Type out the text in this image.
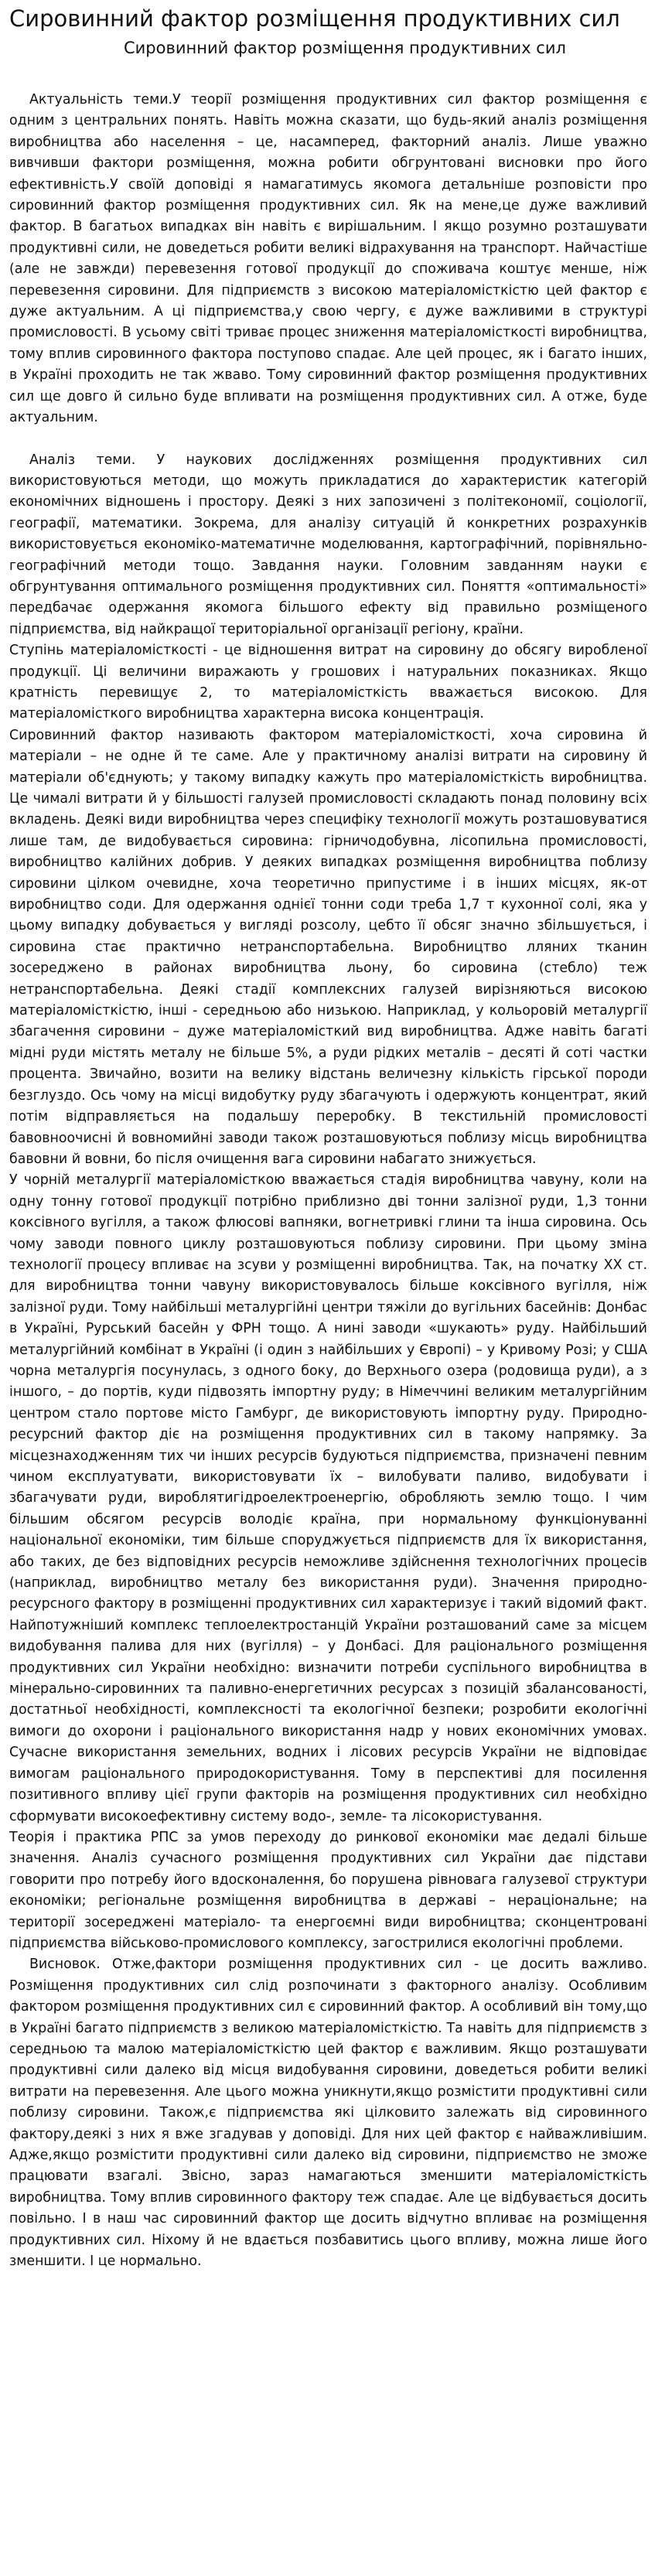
Сировинний фактор розміщення продуктивних сил
Сировинний фактор розміщення продуктивних сил

Актуальність теми.У теорії розміщення продуктивних сил фактор розміщення є одним з центральних понять. Навіть можна сказати, що будь-який аналіз розміщення виробництва або населення – це, насамперед, факторний аналіз. Лише уважно вивчивши фактори розміщення, можна робити обгрунтовані висновки про його ефективність.У своїй доповіді я намагатимусь якомога детальніше розповісти про сировинний фактор розміщення продуктивних сил. Як на мене,це дуже важливий фактор. В багатьох випадках він навіть є вирішальним. І якщо розумно розташувати продуктивні сили, не доведеться робити великі відрахування на транспорт. Найчастіше (але не завжди) перевезення готової продукції до споживача коштує менше, ніж перевезення сировини. Для підприємств з високою матеріаломісткістю цей фактор є дуже актуальним. А ці підприємства,у свою чергу, є дуже важливими в структурі промисловості. В усьому світі триває процес зниження матеріаломісткості виробництва, тому вплив сировинного фактора поступово спадає. Але цей процес, як і багато інших, в Україні проходить не так жваво. Тому сировинний фактор розміщення продуктивних сил ще довго й сильно буде впливати на розміщення продуктивних сил. А отже, буде актуальним.

Аналіз теми. У наукових дослідженнях розміщення продуктивних сил використовуються методи, що можуть прикладатися до характеристик категорій економічних відношень і простору. Деякі з них запозичені з політекономії, соціології, географії, математики. Зокрема, для аналізу ситуацій й конкретних розрахунків використовується економіко-математичне моделювання, картографічний, порівняльно-географічний методи тощо. Завдання науки. Головним завданням науки є обгрунтування оптимального розміщення продуктивних сил. Поняття «оптимальності» передбачає одержання якомога більшого ефекту від правильно розміщеного підприємства, від найкращої територіальної організації регіону, країни.

Ступінь матеріаломісткості - це відношення витрат на сировину до обсягу виробленої продукції. Ці величини виражають у грошових і натуральних показниках. Якщо кратність перевищує 2, то матеріаломісткість вважається високою. Для матеріаломісткого виробництва характерна висока концентрація.

Сировинний фактор називають фактором матеріаломісткості, хоча сировина й матеріали – не одне й те саме. Але у практичному аналізі витрати на сировину й матеріали об'єднують; у такому випадку кажуть про матеріаломісткість виробництва. Це чималі витрати й у більшості галузей промисловості складають понад половину всіх вкладень. Деякі види виробництва через специфіку технології можуть розташовуватися лише там, де видобувається сировина: гірничодобувна, лісопильна промисловості, виробництво калійних добрив. У деяких випадках розміщення виробництва поблизу сировини цілком очевидне, хоча теоретично припустиме і в інших місцях, як-от виробництво соди. Для одержання однієї тонни соди треба 1,7 т кухонної солі, яка у цьому випадку добувається у вигляді розсолу, цебто її обсяг значно збільшується, і сировина стає практично нетранспортабельна. Виробництво лляних тканин зосереджено в районах виробництва льону, бо сировина (стебло) теж нетранспортабельна. Деякі стадії комплексних галузей вирізняються високою матеріаломісткістю, інші - середньою або низькою. Наприклад, у кольоровій металургії збагачення сировини – дуже матеріаломісткий вид виробництва. Адже навіть багаті мідні руди містять металу не більше 5%, а руди рідких металів – десяті й соті частки процента. Звичайно, возити на велику відстань величезну кількість гірської породи безглуздо. Ось чому на місці видобутку руду збагачують і одержують концентрат, який потім відправляється на подальшу переробку. В текстильній промисловості бавовноочисні й вовномийні заводи також розташовуються поблизу місць виробництва бавовни й вовни, бо після очищення вага сировини набагато знижується.

У чорній металургії матеріаломісткою вважається стадія виробництва чавуну, коли на одну тонну готової продукції потрібно приблизно дві тонни залізної руди, 1,3 тонни коксівного вугілля, а також флюсові вапняки, вогнетривкі глини та інша сировина. Ось чому заводи повного циклу розташовуються поблизу сировини. При цьому зміна технології процесу впливає на зсуви у розміщенні виробництва. Так, на початку XX ст. для виробництва тонни чавуну використовувалось більше коксівного вугілля, ніж залізної руди. Тому найбільші металургійні центри тяжіли до вугільних басейнів: Донбас в Україні, Рурський басейн у ФРН тощо. А нині заводи «шукають» руду. Найбільший металургійний комбінат в Україні (і один з найбільших у Європі) – у Кривому Розі; у США чорна металургія посунулась, з одного боку, до Верхнього озера (родовища руди), а з іншого, – до портів, куди підвозять імпортну руду; в Німеччині великим металургійним центром стало портове місто Гамбург, де використовують імпортну руду. Природно-ресурсний фактор діє на розміщення продуктивних сил в такому напрямку. За місцезнаходженням тих чи інших ресурсів будуються підприємства, призначені певним чином експлуатувати, використовувати їх – вилобувати паливо, видобувати і збагачувати руди, вироблятигідроелектроенергію, обробляють землю тощо. І чим більшим обсягом ресурсів володіє країна, при нормальному функціонуванні національної економіки, тим більше споруджується підприємств для їх використання, або таких, де без відповідних ресурсів неможливе здійснення технологічних процесів (наприклад, виробництво металу без використання руди). Значення природно-ресурсного фактору в розміщенні продуктивних сил характеризує і такий відомий факт. Найпотужніший комплекс теплоелектростанцій України розташований саме за місцем видобування палива для них (вугілля) – у Донбасі. Для раціонального розміщення продуктивних сил України необхідно: визначити потреби суспільного виробництва в мінерально-сировинних та паливно-енергетичних ресурсах з позицій збалансованості, достатньої необхідності, комплексності та екологічної безпеки; розробити екологічні вимоги до охорони і раціонального використання надр у нових економічних умовах. Сучасне використання земельних, водних і лісових ресурсів України не відповідає вимогам раціонального природокористування. Тому в перспективі для посилення позитивного впливу цієї групи факторів на розміщення продуктивних сил необхідно сформувати високоефективну систему водо-, земле- та лісокористування.

Теорія і практика РПС за умов переходу до ринкової економіки має дедалі більше значення. Аналіз сучасного розміщення продуктивних сил України дає підстави говорити про потребу його вдосконалення, бо порушена рівновага галузевої структури економіки; регіональне розміщення виробництва в державі – нераціональне; на території зосереджені матеріало- та енергоємні види виробництва; сконцентровані підприємства військово-промислового комплексу, загострилися екологічні проблеми.

Висновок. Отже,фактори розміщення продуктивних сил - це досить важливо. Розміщення продуктивних сил слід розпочинати з факторного аналізу. Особливим фактором розміщення продуктивних сил є сировинний фактор. А особливий він тому,що в Україні багато підприємств з великою матеріаломісткістю. Та навіть для підприємств з середньою та малою матеріаломісткістю цей фактор є важливим. Якщо розташувати продуктивні сили далеко від місця видобування сировини, доведеться робити великі витрати на перевезення. Але цього можна уникнути,якщо розмістити продуктивні сили поблизу сировини. Також,є підприємства які цілковито залежать від сировинного фактору,деякі з них я вже згадував у доповіді. Для них цей фактор є найважливішим. Адже,якщо розмістити продуктивні сили далеко від сировини, підприємство не зможе працювати взагалі. Звісно, зараз намагаються зменшити матеріаломісткість виробництва. Тому вплив сировинного фактору теж спадає. Але це відбувається досить повільно. І в наш час сировинний фактор ще досить відчутно впливає на розміщення продуктивних сил. Ніхому й не вдається позбавитись цього впливу, можна лише його зменшити. І це нормально.
